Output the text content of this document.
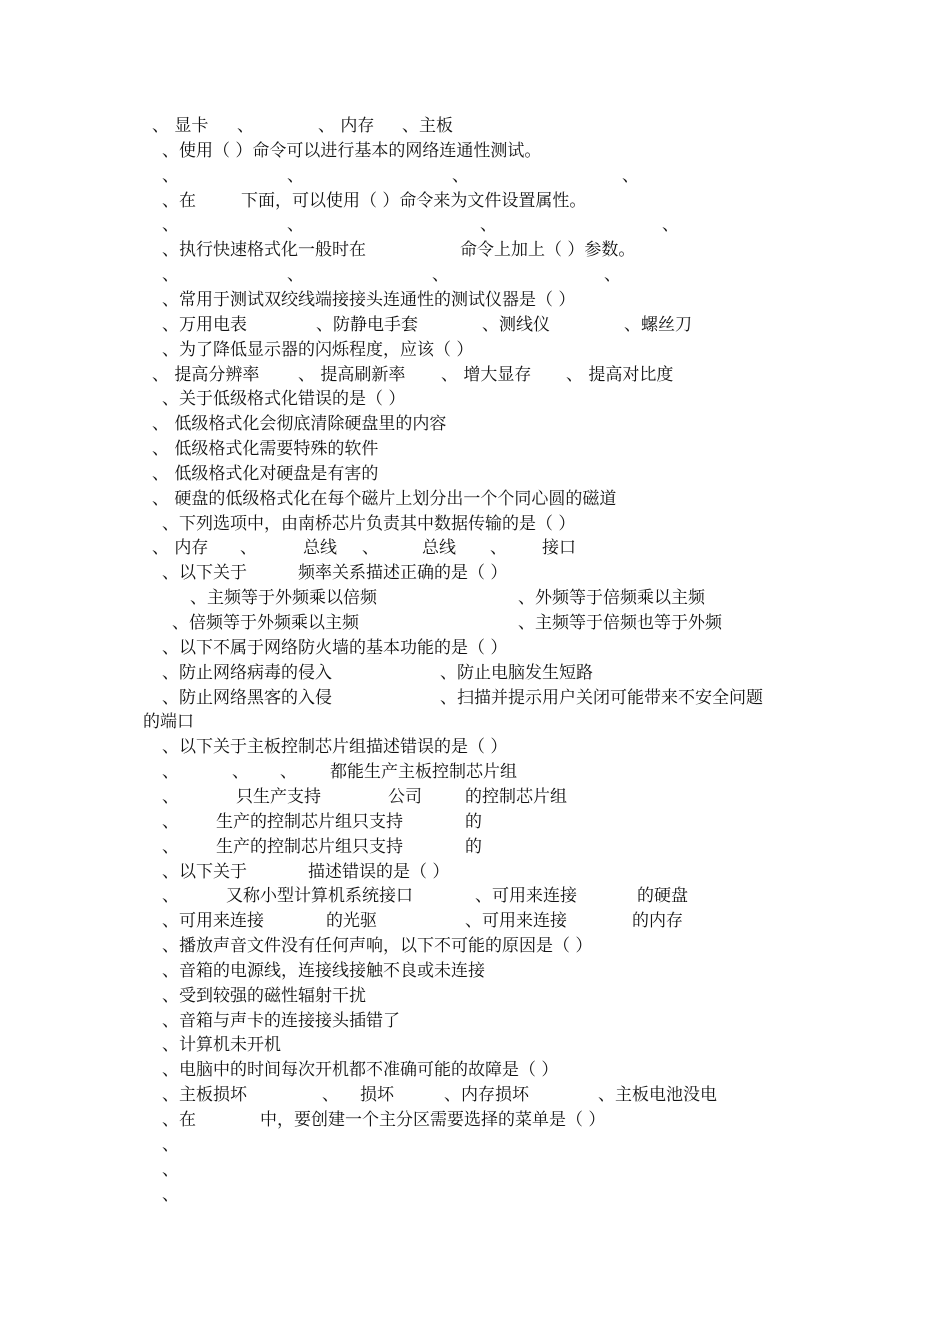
、 显卡 、	、 内存 、主板
、使用（ ）命令可以进行基本的网络连通性测试。
、	、	、	、
、在	下面，可以使用（ ）命令来为文件设置属性。
、	、	、	、
、执行快速格式化一般时在	命令上加上（ ）参数。
、	、	、	、
、常用于测试双绞线端接接头连通性的测试仪器是（ ）
、万用电表	、防静电手套	、测线仪	、螺丝刀
、为了降低显示器的闪烁程度，应该（ ）
、 提高分辨率 、 提高刷新率 、 增大显存 、 提高对比度
、关于低级格式化错误的是（ ）
、 低级格式化会彻底清除硬盘里的内容
、 低级格式化需要特殊的软件
、 低级格式化对硬盘是有害的
、 硬盘的低级格式化在每个磁片上划分出一个个同心圆的磁道
、下列选项中，由南桥芯片负责其中数据传输的是（ ）
、 内存 、	总线 、	总线 、 接口
、以下关于	频率关系描述正确的是（ ）
、主频等于外频乘以倍频	、外频等于倍频乘以主频
、倍频等于外频乘以主频	、主频等于倍频也等于外频
、以下不属于网络防火墙的基本功能的是（ ）
、防止网络病毒的侵入	、防止电脑发生短路
、防止网络黑客的入侵	、扫描并提示用户关闭可能带来不安全问题
的端口
、以下关于主板控制芯片组描述错误的是（ ）
、	、 、 都能生产主板控制芯片组
、	只生产支持	公司	的控制芯片组
、 生产的控制芯片组只支持	的
、 生产的控制芯片组只支持	的
、以下关于	描述错误的是（ ）
、	又称小型计算机系统接口	、可用来连接	的硬盘
、可用来连接	的光驱	、可用来连接	的内存
、播放声音文件没有任何声响，以下不可能的原因是（ ）
、音箱的电源线，连接线接触不良或未连接
、受到较强的磁性辐射干扰
、音箱与声卡的连接接头插错了
、计算机未开机
、电脑中的时间每次开机都不准确可能的故障是（ ）
、主板损坏	、 损坏	、内存损坏	、主板电池没电
、在	中，要创建一个主分区需要选择的菜单是（ ）
、
、
、
